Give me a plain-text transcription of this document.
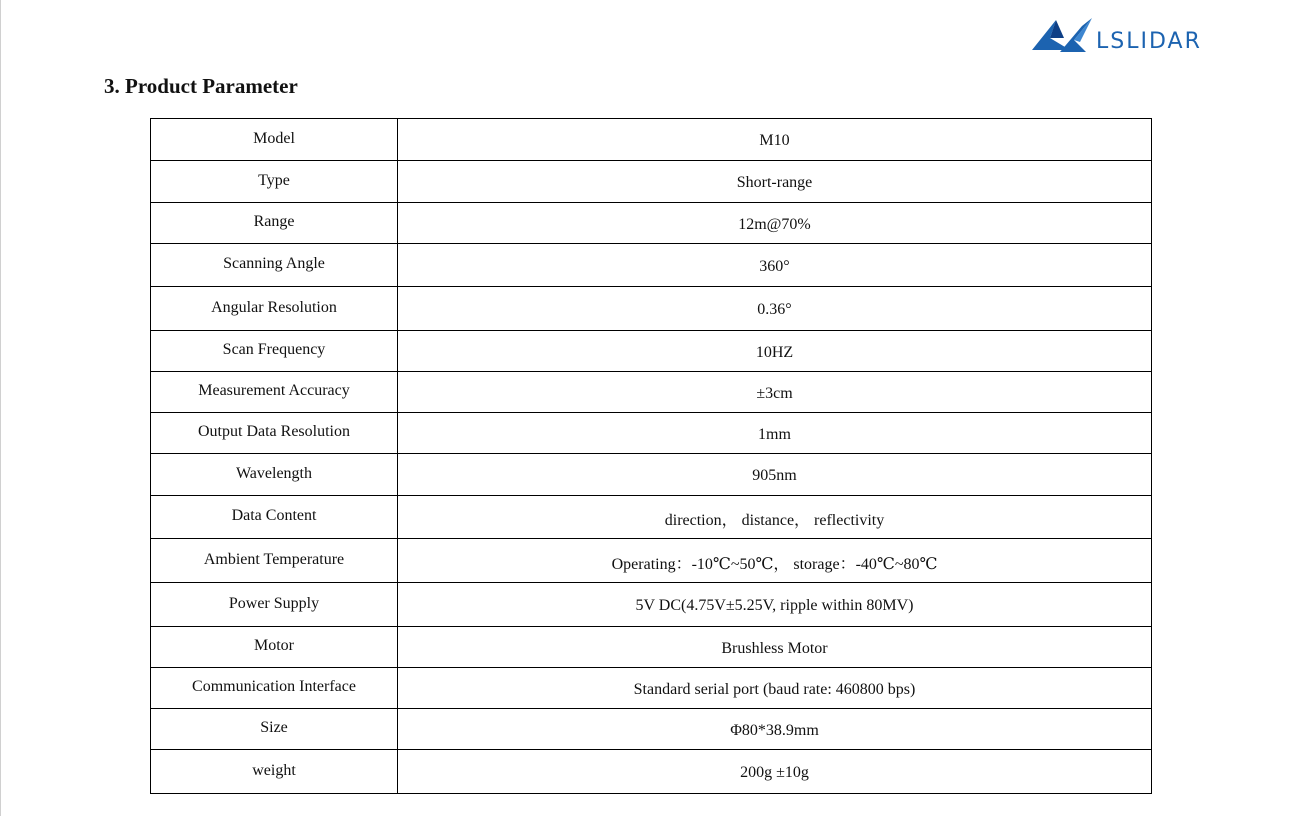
LSLIDAR
3. Product Parameter
Model	M10
Type	Short-range
Range	12m@70%
Scanning Angle	360°
Angular Resolution	0.36°
Scan Frequency	10HZ
Measurement Accuracy	±3cm
Output Data Resolution	1mm
Wavelength	905nm
Data Content	direction， distance， reflectivity
Ambient Temperature	Operating：-10℃~50℃， storage：-40℃~80℃
Power Supply	5V DC(4.75V±5.25V, ripple within 80MV)
Motor	Brushless Motor
Communication Interface	Standard serial port (baud rate: 460800 bps)
Size	Φ80*38.9mm
weight	200g ±10g
